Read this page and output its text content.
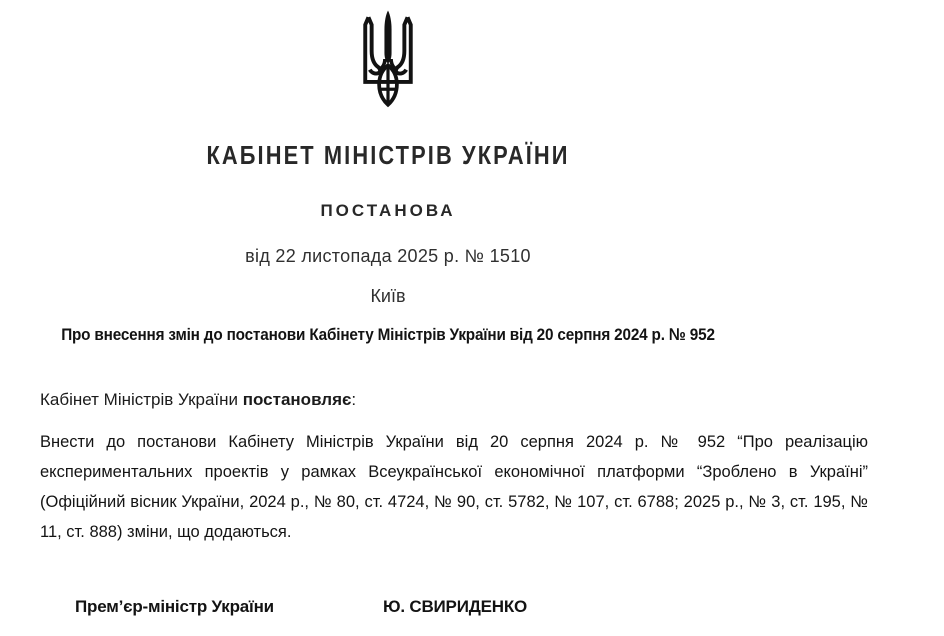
КАБІНЕТ МІНІСТРІВ УКРАЇНИ
ПОСТАНОВА
від 22 листопада 2025 р. № 1510
Київ
Про внесення змін до постанови Кабінету Міністрів України від 20 серпня 2024 р. № 952
Кабінет Міністрів України постановляє:
Внести до постанови Кабінету Міністрів України від 20 серпня 2024 р. № 952 “Про реалізацію
експериментальних проектів у рамках Всеукраїнської економічної платформи “Зроблено в Україні”
(Офіційний вісник України, 2024 р., № 80, ст. 4724, № 90, ст. 5782, № 107, ст. 6788; 2025 р., № 3, ст. 195, №
11, ст. 888) зміни, що додаються.
Прем’єр-міністр України	Ю. СВИРИДЕНКО
